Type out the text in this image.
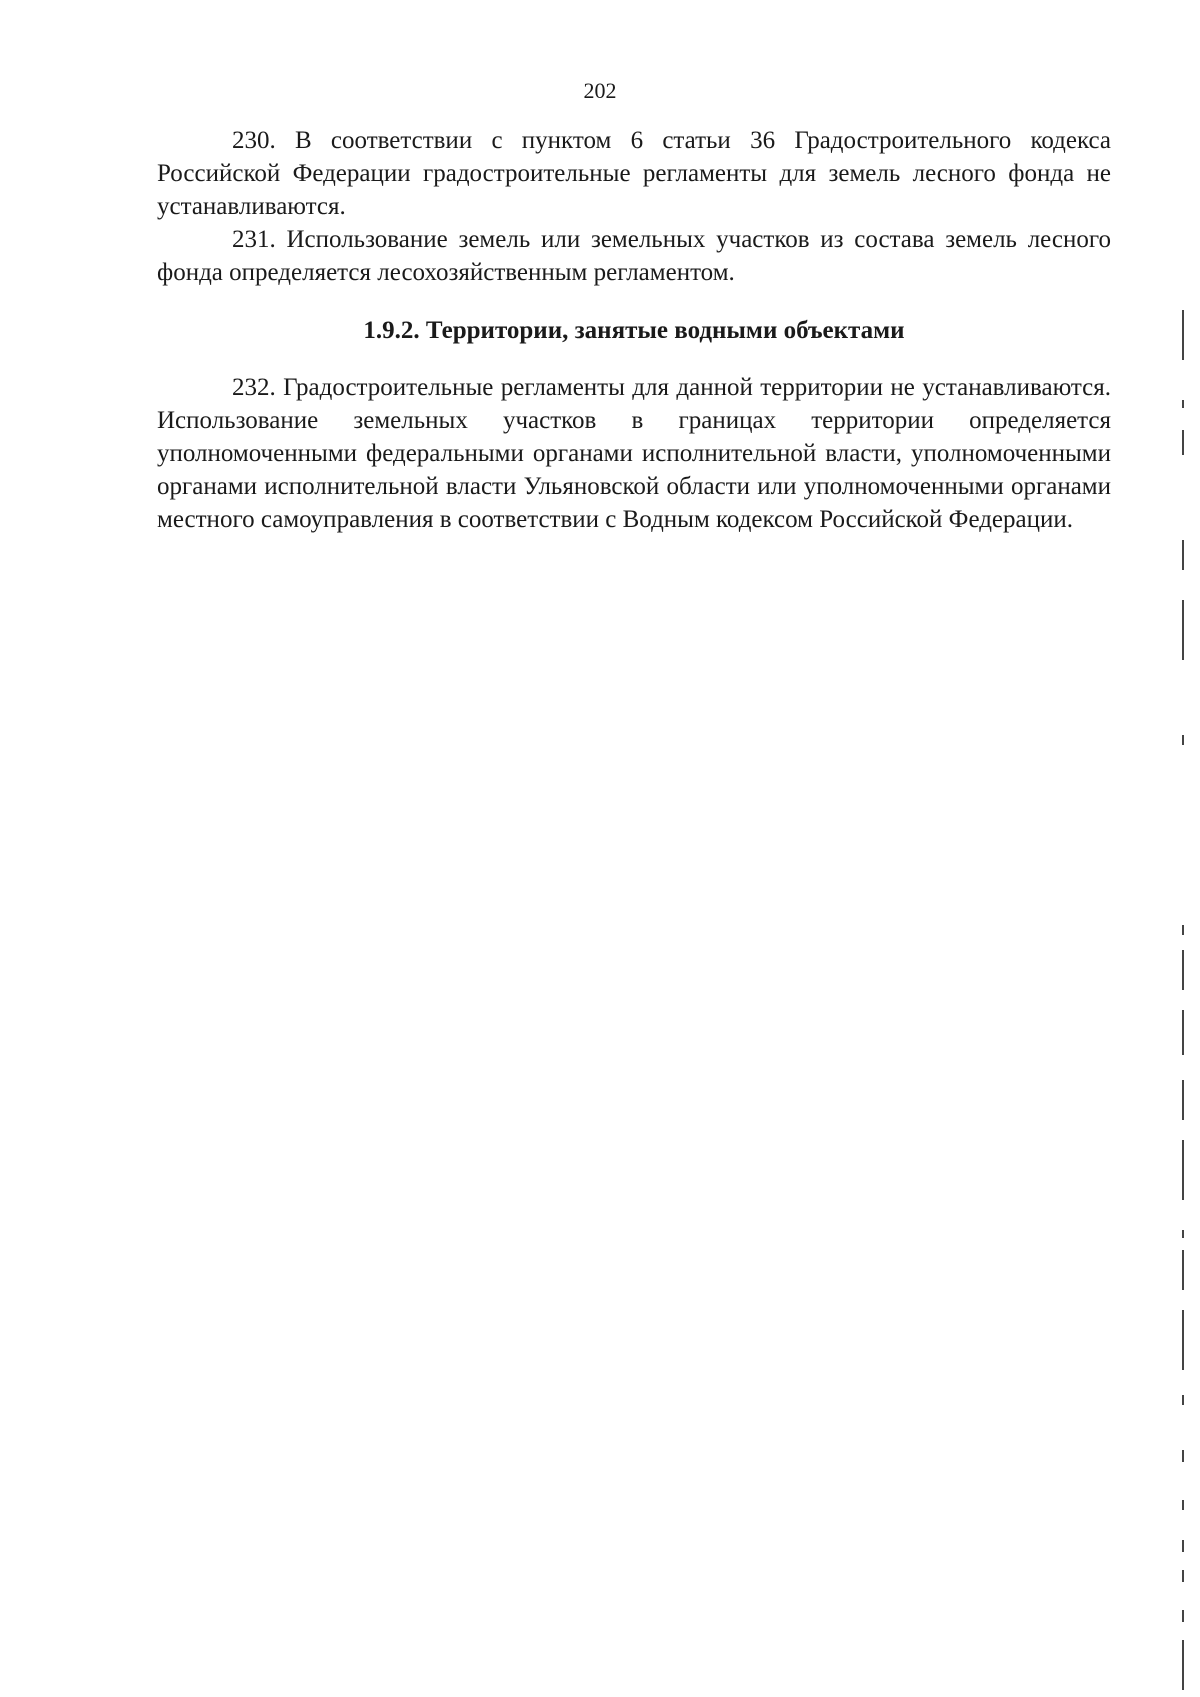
202

230. В соответствии с пунктом 6 статьи 36 Градостроительного кодекса Российской Федерации градостроительные регламенты для земель лесного фонда не устанавливаются.

231. Использование земель или земельных участков из состава земель лесного фонда определяется лесохозяйственным регламентом.

1.9.2. Территории, занятые водными объектами

232. Градостроительные регламенты для данной территории не устанавливаются. Использование земельных участков в границах территории определяется уполномоченными федеральными органами исполнительной власти, уполномоченными органами исполнительной власти Ульяновской области или уполномоченными органами местного самоуправления в соответствии с Водным кодексом Российской Федерации.
